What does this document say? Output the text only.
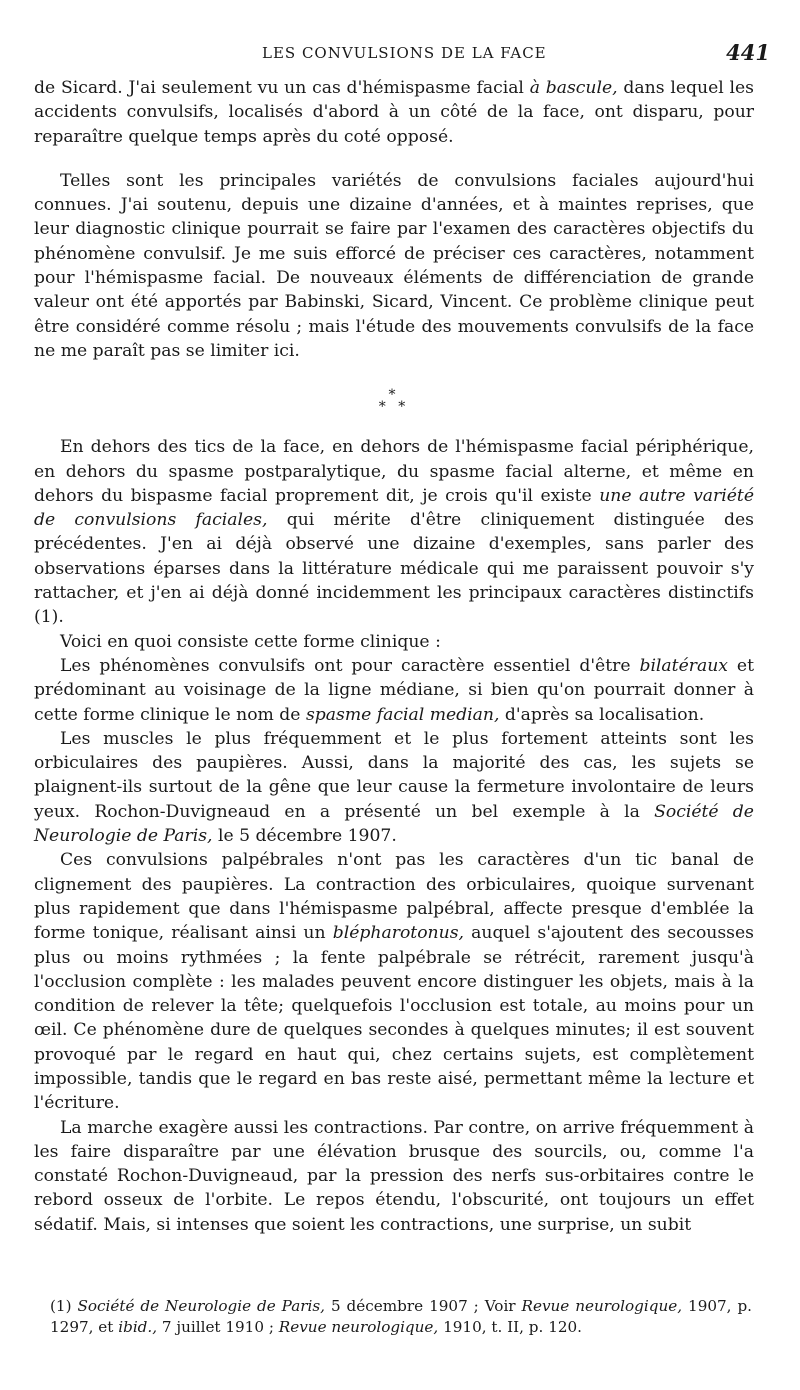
LES CONVULSIONS DE LA FACE	441

de Sicard. J'ai seulement vu un cas d'hémispasme facial à bascule, dans lequel les accidents convulsifs, localisés d'abord à un côté de la face, ont disparu, pour reparaître quelque temps après du coté opposé.

Telles sont les principales variétés de convulsions faciales aujourd'hui connues. J'ai soutenu, depuis une dizaine d'années, et à maintes reprises, que leur diagnostic clinique pourrait se faire par l'examen des caractères objectifs du phénomène convulsif. Je me suis efforcé de préciser ces caractères, notamment pour l'hémispasme facial. De nouveaux éléments de différenciation de grande valeur ont été apportés par Babinski, Sicard, Vincent. Ce problème clinique peut être considéré comme résolu ; mais l'étude des mouvements convulsifs de la face ne me paraît pas se limiter ici.

*
* *

En dehors des tics de la face, en dehors de l'hémispasme facial périphérique, en dehors du spasme postparalytique, du spasme facial alterne, et même en dehors du bispasme facial proprement dit, je crois qu'il existe une autre variété de convulsions faciales, qui mérite d'être cliniquement distinguée des précédentes. J'en ai déjà observé une dizaine d'exemples, sans parler des observations éparses dans la littérature médicale qui me paraissent pouvoir s'y rattacher, et j'en ai déjà donné incidemment les principaux caractères distinctifs (1).

Voici en quoi consiste cette forme clinique :

Les phénomènes convulsifs ont pour caractère essentiel d'être bilatéraux et prédominant au voisinage de la ligne médiane, si bien qu'on pourrait donner à cette forme clinique le nom de spasme facial median, d'après sa localisation.

Les muscles le plus fréquemment et le plus fortement atteints sont les orbiculaires des paupières. Aussi, dans la majorité des cas, les sujets se plaignent-ils surtout de la gêne que leur cause la fermeture involontaire de leurs yeux. Rochon-Duvigneaud en a présenté un bel exemple à la Société de Neurologie de Paris, le 5 décembre 1907.

Ces convulsions palpébrales n'ont pas les caractères d'un tic banal de clignement des paupières. La contraction des orbiculaires, quoique survenant plus rapidement que dans l'hémispasme palpébral, affecte presque d'emblée la forme tonique, réalisant ainsi un blépharotonus, auquel s'ajoutent des secousses plus ou moins rythmées ; la fente palpébrale se rétrécit, rarement jusqu'à l'occlusion complète : les malades peuvent encore distinguer les objets, mais à la condition de relever la tête; quelquefois l'occlusion est totale, au moins pour un œil. Ce phénomène dure de quelques secondes à quelques minutes; il est souvent provoqué par le regard en haut qui, chez certains sujets, est complètement impossible, tandis que le regard en bas reste aisé, permettant même la lecture et l'écriture.

La marche exagère aussi les contractions. Par contre, on arrive fréquemment à les faire disparaître par une élévation brusque des sourcils, ou, comme l'a constaté Rochon-Duvigneaud, par la pression des nerfs sus-orbitaires contre le rebord osseux de l'orbite. Le repos étendu, l'obscurité, ont toujours un effet sédatif. Mais, si intenses que soient les contractions, une surprise, un subit

(1) Société de Neurologie de Paris, 5 décembre 1907 ; Voir Revue neurologique, 1907, p. 1297, et ibid., 7 juillet 1910 ; Revue neurologique, 1910, t. II, p. 120.
